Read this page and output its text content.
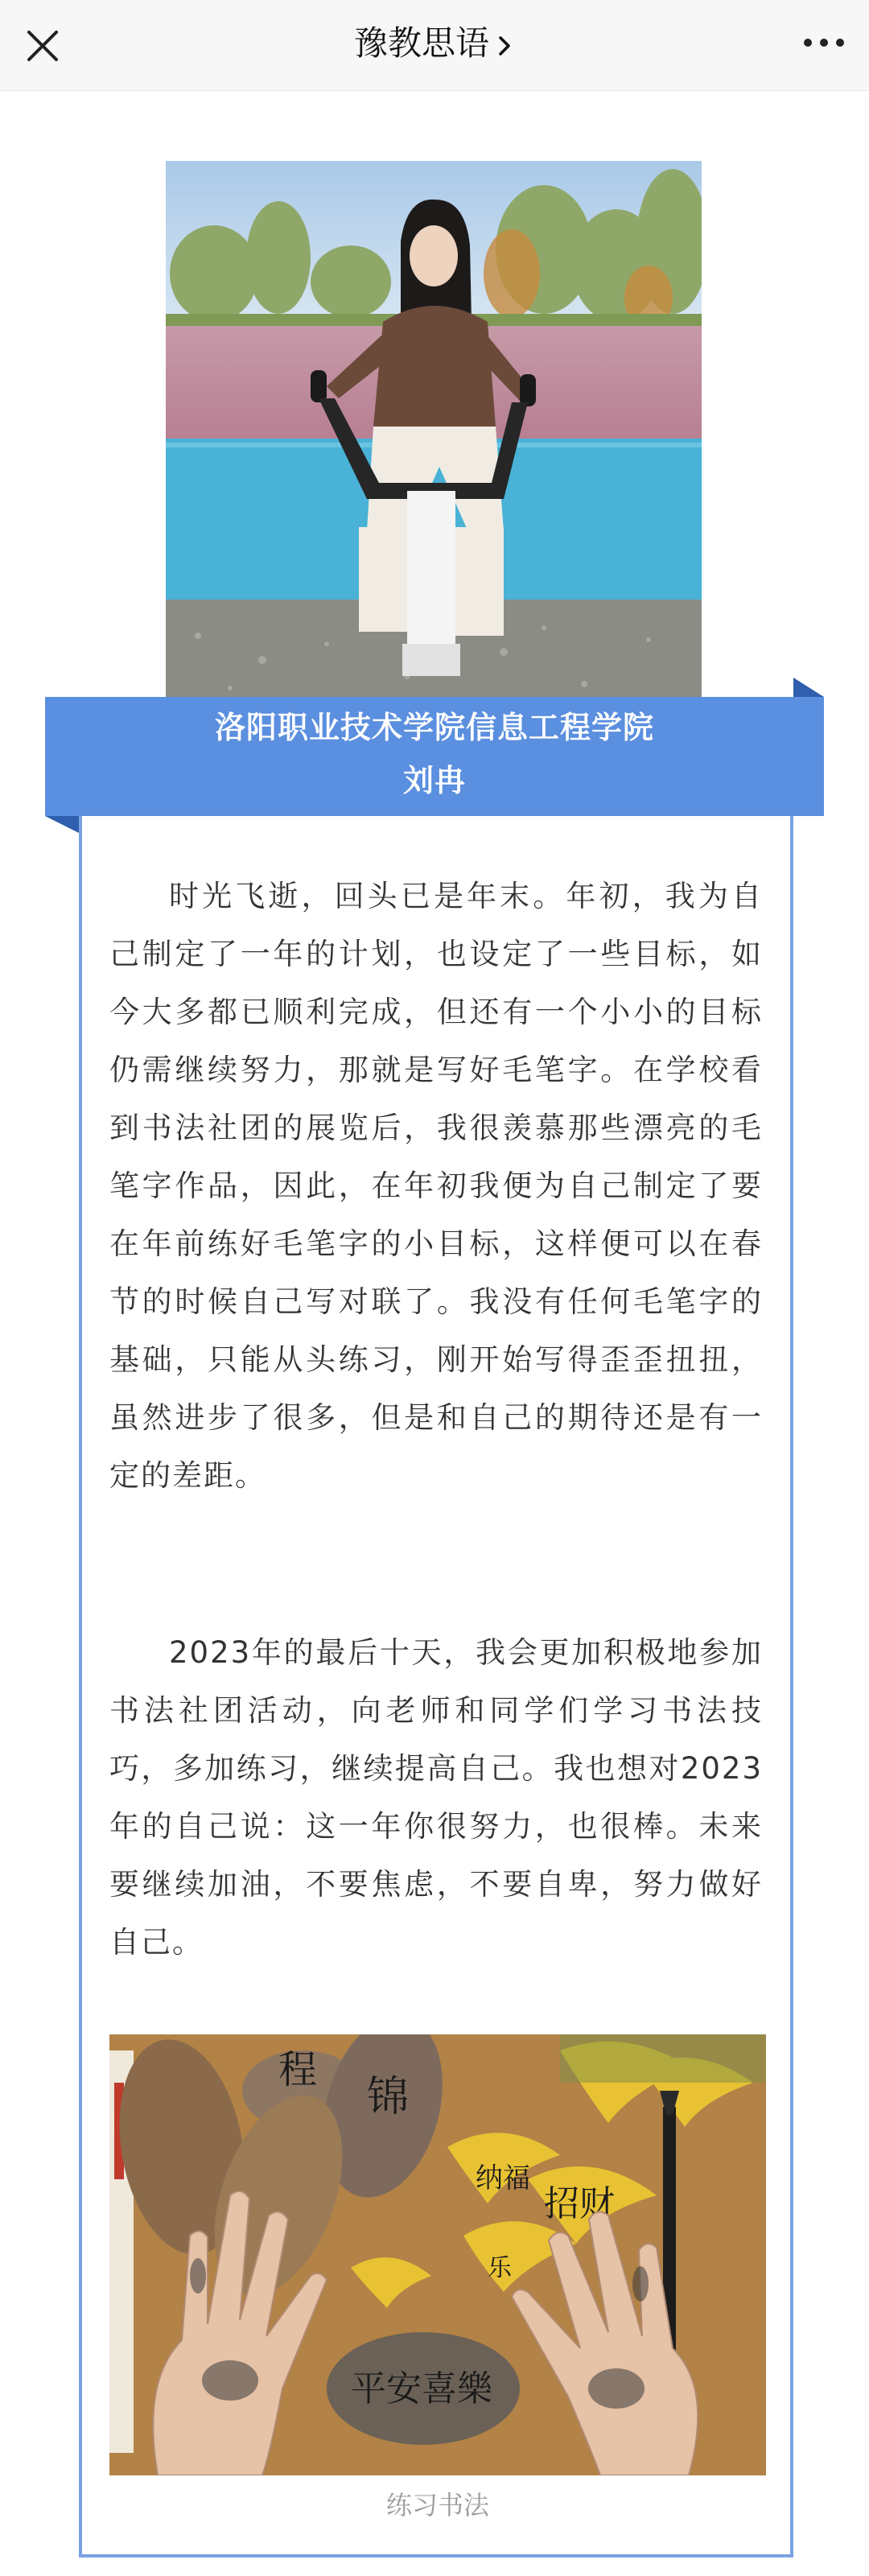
豫教思语
洛阳职业技术学院信息工程学院
刘冉

时光飞逝，回头已是年末。年初，我为自己制定了一年的计划，也设定了一些目标，如今大多都已顺利完成，但还有一个小小的目标仍需继续努力，那就是写好毛笔字。在学校看到书法社团的展览后，我很羡慕那些漂亮的毛笔字作品，因此，在年初我便为自己制定了要在年前练好毛笔字的小目标，这样便可以在春节的时候自己写对联了。我没有任何毛笔字的基础，只能从头练习，刚开始写得歪歪扭扭，虽然进步了很多，但是和自己的期待还是有一定的差距。

2023年的最后十天，我会更加积极地参加书法社团活动，向老师和同学们学习书法技巧，多加练习，继续提高自己。我也想对2023年的自己说：这一年你很努力，也很棒。未来要继续加油，不要焦虑，不要自卑，努力做好自己。

程
锦
纳福
招财
平安喜樂
乐
练习书法
